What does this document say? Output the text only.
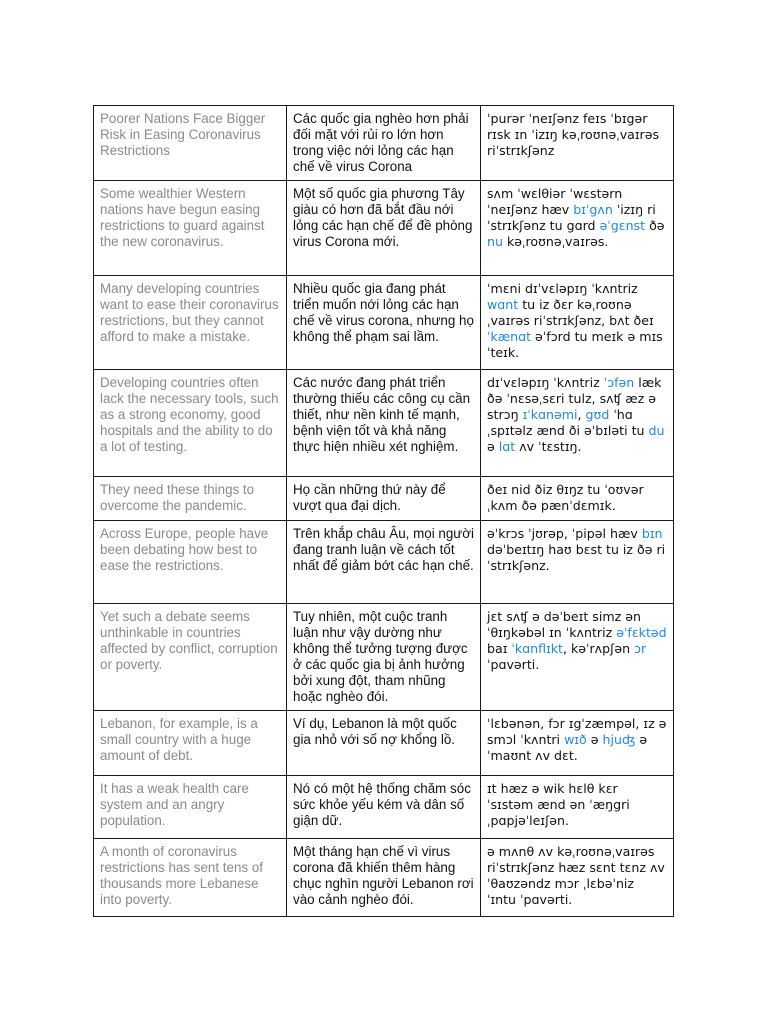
Poorer Nations Face Bigger Risk in Easing Coronavirus Restrictions	Các quốc gia nghèo hơn phải đối mặt với rủi ro lớn hơn trong việc nới lỏng các hạn chế về virus Corona	ˈpurər ˈneɪʃənz feɪs ˈbɪgər rɪsk ɪn ˈizɪŋ kəˌroʊnəˌvaɪrəs riˈstrɪkʃənz
Some wealthier Western nations have begun easing restrictions to guard against the new coronavirus.	Một số quốc gia phương Tây giàu có hơn đã bắt đầu nới lỏng các hạn chế để đề phòng virus Corona mới.	sʌm ˈwɛlθiər ˈwɛstərn ˈneɪʃənz hæv bɪˈgʌn ˈizɪŋ riˈstrɪkʃənz tu gɑrd əˈgɛnst ðə nu kəˌroʊnəˌvaɪrəs.
Many developing countries want to ease their coronavirus restrictions, but they cannot afford to make a mistake.	Nhiều quốc gia đang phát triển muốn nới lỏng các hạn chế về virus corona, nhưng họ không thể phạm sai lầm.	ˈmɛni dɪˈvɛləpɪŋ ˈkʌntriz wɑnt tu iz ðɛr kəˌroʊnəˌvaɪrəs riˈstrɪkʃənz, bʌt ðeɪ ˈkænɑt əˈfɔrd tu meɪk ə mɪsˈteɪk.
Developing countries often lack the necessary tools, such as a strong economy, good hospitals and the ability to do a lot of testing.	Các nước đang phát triển thường thiếu các công cụ cần thiết, như nền kinh tế mạnh, bệnh viện tốt và khả năng thực hiện nhiều xét nghiệm.	dɪˈvɛləpɪŋ ˈkʌntriz ˈɔfən læk ðə ˈnɛsəˌsɛri tulz, sʌʧ æz ə strɔŋ ɪˈkɑnəmi, gʊd ˈhɑˌspɪtəlz ænd ði əˈbɪləti tu du ə lɑt ʌv ˈtɛstɪŋ.
They need these things to overcome the pandemic.	Họ cần những thứ này để vượt qua đại dịch.	ðeɪ nid ðiz θɪŋz tu ˈoʊvərˌkʌm ðə pænˈdɛmɪk.
Across Europe, people have been debating how best to ease the restrictions.	Trên khắp châu Âu, mọi người đang tranh luận về cách tốt nhất để giảm bớt các hạn chế.	əˈkrɔs ˈjʊrəp, ˈpipəl hæv bɪn dəˈbeɪtɪŋ haʊ bɛst tu iz ðə riˈstrɪkʃənz.
Yet such a debate seems unthinkable in countries affected by conflict, corruption or poverty.	Tuy nhiên, một cuộc tranh luận như vậy dường như không thể tưởng tượng được ở các quốc gia bị ảnh hưởng bởi xung đột, tham nhũng hoặc nghèo đói.	jɛt sʌʧ ə dəˈbeɪt simz ənˈθɪŋkəbəl ɪn ˈkʌntriz əˈfɛktəd baɪ ˈkɑnflɪkt, kəˈrʌpʃən ɔr ˈpɑvərti.
Lebanon, for example, is a small country with a huge amount of debt.	Ví dụ, Lebanon là một quốc gia nhỏ với số nợ khổng lồ.	ˈlɛbənən, fɔr ɪgˈzæmpəl, ɪz ə smɔl ˈkʌntri wɪð ə hjuʤ əˈmaʊnt ʌv dɛt.
It has a weak health care system and an angry population.	Nó có một hệ thống chăm sóc sức khỏe yếu kém và dân số giận dữ.	ɪt hæz ə wik hɛlθ kɛr ˈsɪstəm ænd ən ˈæŋgri ˌpɑpjəˈleɪʃən.
A month of coronavirus restrictions has sent tens of thousands more Lebanese into poverty.	Một tháng hạn chế vì virus corona đã khiến thêm hàng chục nghìn người Lebanon rơi vào cảnh nghèo đói.	ə mʌnθ ʌv kəˌroʊnəˌvaɪrəs riˈstrɪkʃənz hæz sɛnt tɛnz ʌv ˈθaʊzəndz mɔr ˌlɛbəˈniz ˈɪntu ˈpɑvərti.
